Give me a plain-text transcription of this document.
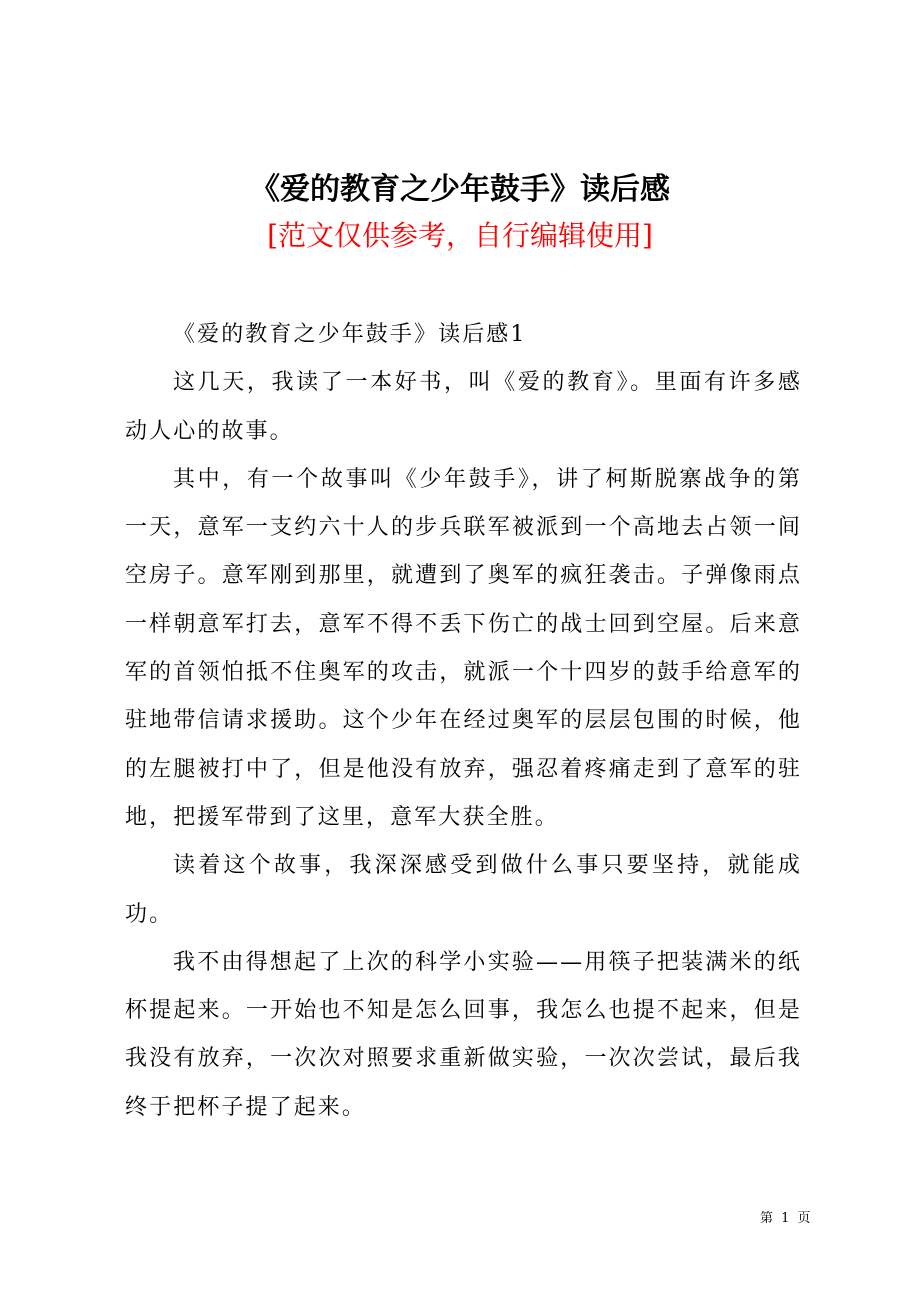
《爱的教育之少年鼓手》读后感
[范文仅供参考，自行编辑使用]

《爱的教育之少年鼓手》读后感1

这几天，我读了一本好书，叫《爱的教育》。里面有许多感动人心的故事。

其中，有一个故事叫《少年鼓手》，讲了柯斯脱寨战争的第一天，意军一支约六十人的步兵联军被派到一个高地去占领一间空房子。意军刚到那里，就遭到了奥军的疯狂袭击。子弹像雨点一样朝意军打去，意军不得不丢下伤亡的战士回到空屋。后来意军的首领怕抵不住奥军的攻击，就派一个十四岁的鼓手给意军的驻地带信请求援助。这个少年在经过奥军的层层包围的时候，他的左腿被打中了，但是他没有放弃，强忍着疼痛走到了意军的驻地，把援军带到了这里，意军大获全胜。

读着这个故事，我深深感受到做什么事只要坚持，就能成功。

我不由得想起了上次的科学小实验——用筷子把装满米的纸杯提起来。一开始也不知是怎么回事，我怎么也提不起来，但是我没有放弃，一次次对照要求重新做实验，一次次尝试，最后我终于把杯子提了起来。

第 1 页
